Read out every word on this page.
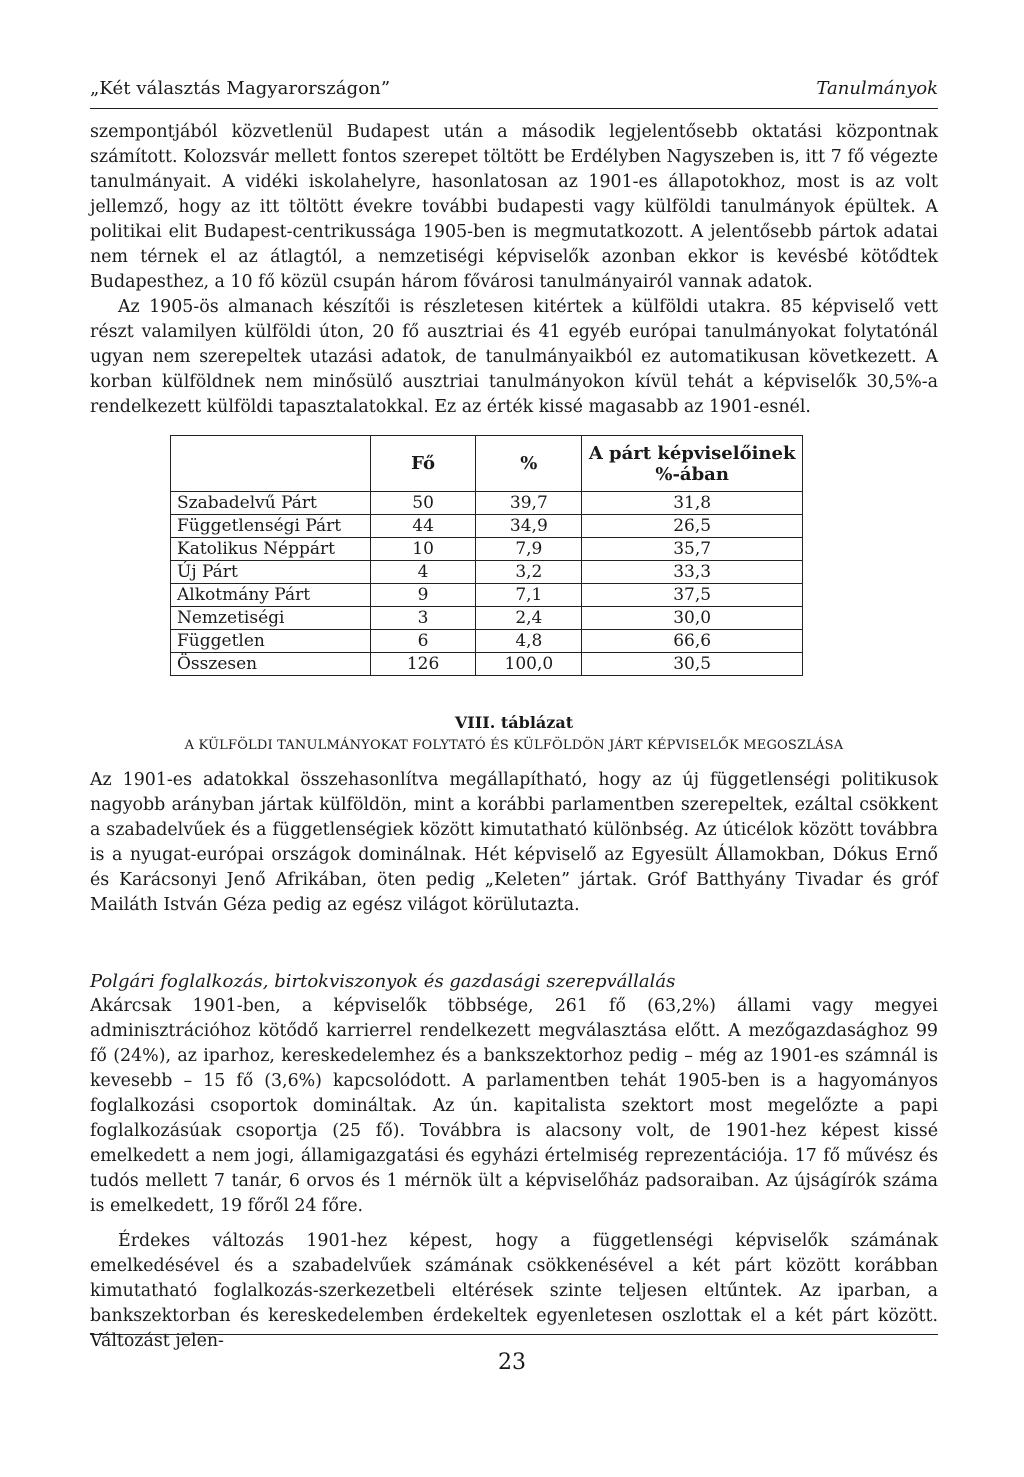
„Két választás Magyarországon”	Tanulmányok

szempontjából közvetlenül Budapest után a második legjelentősebb oktatási központnak számított. Kolozsvár mellett fontos szerepet töltött be Erdélyben Nagyszeben is, itt 7 fő végezte tanulmányait. A vidéki iskolahelyre, hasonlatosan az 1901-es állapotokhoz, most is az volt jellemző, hogy az itt töltött évekre további budapesti vagy külföldi tanulmányok épültek. A politikai elit Budapest-centrikussága 1905-ben is megmutatkozott. A jelentősebb pártok adatai nem térnek el az átlagtól, a nemzetiségi képviselők azonban ekkor is kevésbé kötődtek Budapesthez, a 10 fő közül csupán három fővárosi tanulmányairól vannak adatok.

Az 1905-ös almanach készítői is részletesen kitértek a külföldi utakra. 85 képviselő vett részt valamilyen külföldi úton, 20 fő ausztriai és 41 egyéb európai tanulmányokat folytatónál ugyan nem szerepeltek utazási adatok, de tanulmányaikból ez automatikusan következett. A korban külföldnek nem minősülő ausztriai tanulmányokon kívül tehát a képviselők 30,5%-a rendelkezett külföldi tapasztalatokkal. Ez az érték kissé magasabb az 1901-esnél.

	Fő	%	A párt képviselőinek %-ában
Szabadelvű Párt	50	39,7	31,8
Függetlenségi Párt	44	34,9	26,5
Katolikus Néppárt	10	7,9	35,7
Új Párt	4	3,2	33,3
Alkotmány Párt	9	7,1	37,5
Nemzetiségi	3	2,4	30,0
Független	6	4,8	66,6
Összesen	126	100,0	30,5
VIII. táblázat
A KÜLFÖLDI TANULMÁNYOKAT FOLYTATÓ ÉS KÜLFÖLDÖN JÁRT KÉPVISELŐK MEGOSZLÁSA

Az 1901-es adatokkal összehasonlítva megállapítható, hogy az új függetlenségi politikusok nagyobb arányban jártak külföldön, mint a korábbi parlamentben szerepeltek, ezáltal csökkent a szabadelvűek és a függetlenségiek között kimutatható különbség. Az úticélok között továbbra is a nyugat-európai országok dominálnak. Hét képviselő az Egyesült Államokban, Dókus Ernő és Karácsonyi Jenő Afrikában, öten pedig „Keleten” jártak. Gróf Batthyány Tivadar és gróf Mailáth István Géza pedig az egész világot körülutazta.

Polgári foglalkozás, birtokviszonyok és gazdasági szerepvállalás

Akárcsak 1901-ben, a képviselők többsége, 261 fő (63,2%) állami vagy megyei adminisztrációhoz kötődő karrierrel rendelkezett megválasztása előtt. A mezőgazdasághoz 99 fő (24%), az iparhoz, kereskedelemhez és a bankszektorhoz pedig – még az 1901-es számnál is kevesebb – 15 fő (3,6%) kapcsolódott. A parlamentben tehát 1905-ben is a hagyományos foglalkozási csoportok domináltak. Az ún. kapitalista szektort most megelőzte a papi foglalkozásúak csoportja (25 fő). Továbbra is alacsony volt, de 1901-hez képest kissé emelkedett a nem jogi, államigazgatási és egyházi értelmiség reprezentációja. 17 fő művész és tudós mellett 7 tanár, 6 orvos és 1 mérnök ült a képviselőház padsoraiban. Az újságírók száma is emelkedett, 19 főről 24 főre.

Érdekes változás 1901-hez képest, hogy a függetlenségi képviselők számának emelkedésével és a szabadelvűek számának csökkenésével a két párt között korábban kimutatható foglalkozás-szerkezetbeli eltérések szinte teljesen eltűntek. Az iparban, a bankszektorban és kereskedelemben érdekeltek egyenletesen oszlottak el a két párt között. Változást jelen-

23
